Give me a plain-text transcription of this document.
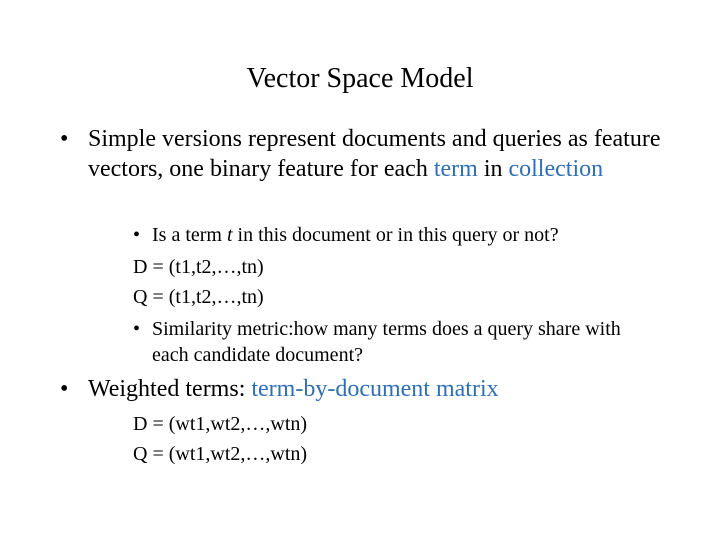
Vector Space Model
• Simple versions represent documents and queries as feature vectors, one binary feature for each term in collection
• Is a term t in this document or in this query or not?
D = (t1,t2,…,tn)
Q = (t1,t2,…,tn)
• Similarity metric:how many terms does a query share with each candidate document?
• Weighted terms: term-by-document matrix
D = (wt1,wt2,…,wtn)
Q = (wt1,wt2,…,wtn)
